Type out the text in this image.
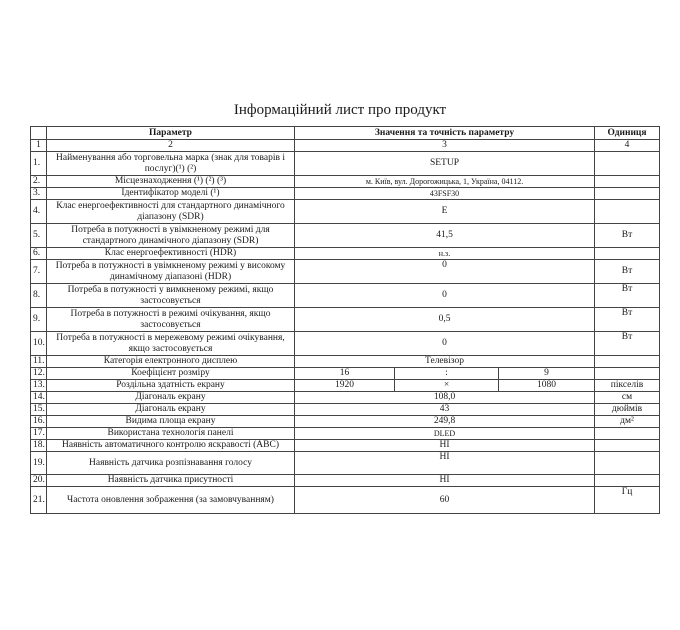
Інформаційний лист про продукт
	Параметр	Значення та точність параметру			Одиниця
1	2	3			4
1.	Найменування або торговельна марка (знак для товарів і послуг)(¹) (²)	SETUP			
2.	Місцезнаходження (¹) (²) (³)	м. Київ, вул. Дорогожицька, 1, Україна, 04112.			
3.	Ідентифікатор моделі (¹)	43FSF30			
4.	Клас енергоефективності для стандартного динамічного діапазону (SDR)	E			
5.	Потреба в потужності в увімкненому режимі для стандартного динамічного діапазону (SDR)	41,5			Вт
6.	Клас енергоефективності (HDR)	н.з.			
7.	Потреба в потужності в увімкненому режимі у високому динамічному діапазоні (HDR)	0			Вт
8.	Потреба в потужності у вимкненому режимі, якщо застосовується	0			Вт
9.	Потреба в потужності в режимі очікування, якщо застосовується	0,5			Вт
10.	Потреба в потужності в мережевому режимі очікування, якщо застосовується	0			Вт
11.	Категорія електронного дисплею	Телевізор			
12.	Коефіцієнт розміру	16	:	9	
13.	Роздільна здатність екрану	1920	×	1080	пікселів
14.	Діагональ екрану	108,0			см
15.	Діагональ екрану	43			дюймів
16.	Видима площа екрану	249,8			дм²
17.	Використана технологія панелі	DLED			
18.	Наявність автоматичного контролю яскравості (ABC)	НІ			
19.	Наявність датчика розпізнавання голосу	НІ			
20.	Наявність датчика присутності	НІ			
21.	Частота оновлення зображення (за замовчуванням)	60			Гц
